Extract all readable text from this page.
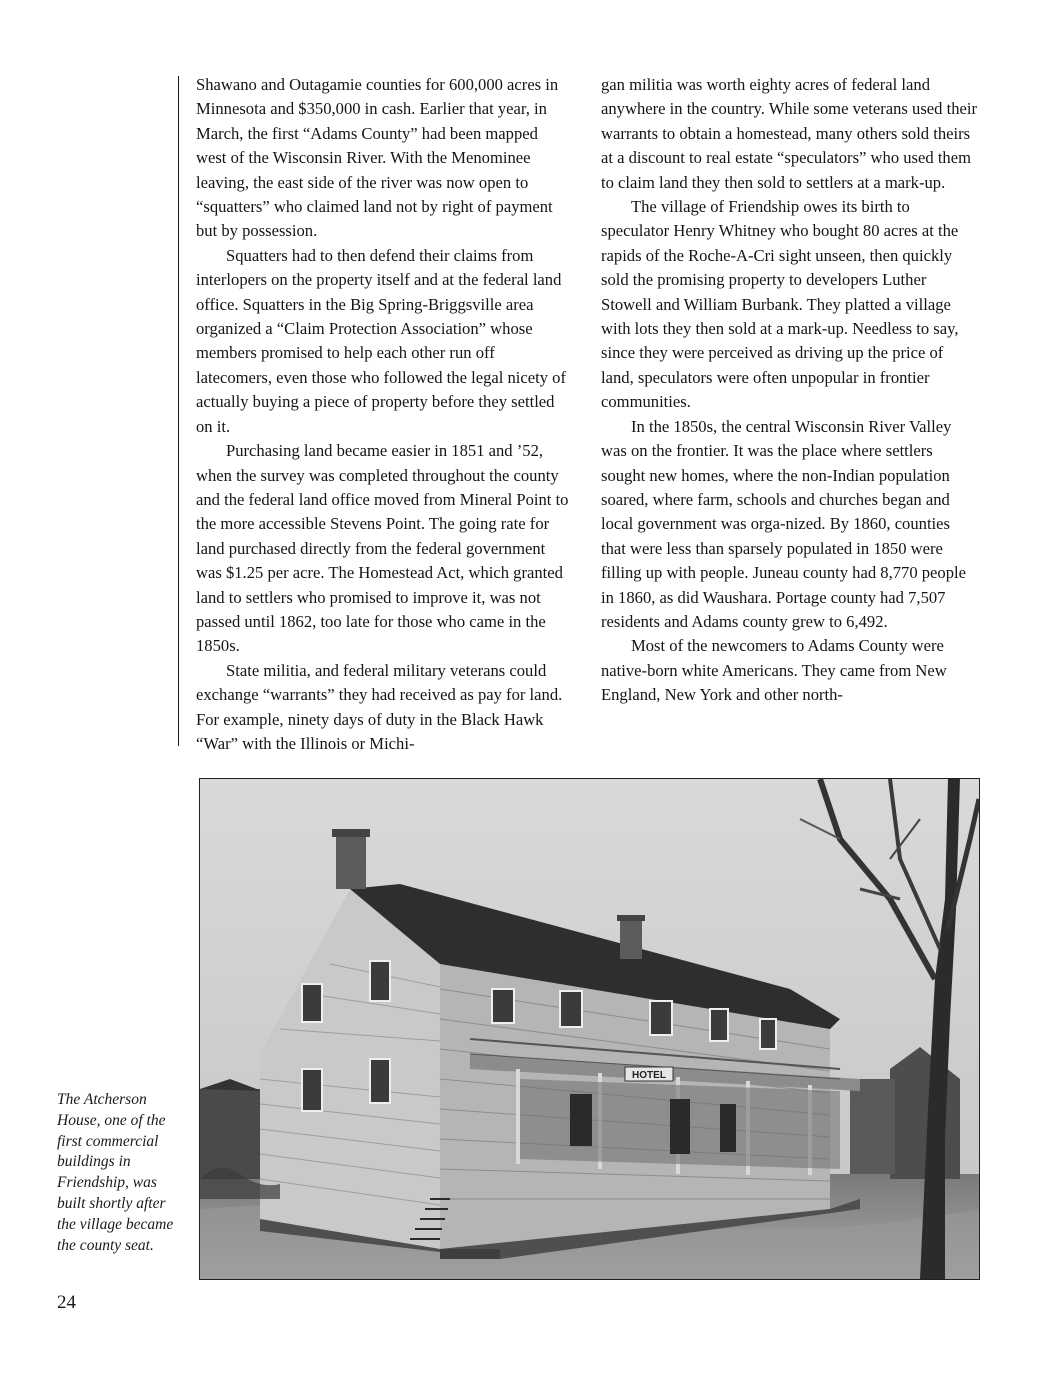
Shawano and Outagamie counties for 600,000 acres in Minnesota and $350,000 in cash. Earlier that year, in March, the first “Adams County” had been mapped west of the Wisconsin River. With the Menominee leaving, the east side of the river was now open to “squatters” who claimed land not by right of payment but by possession.

Squatters had to then defend their claims from interlopers on the property itself and at the federal land office. Squatters in the Big Spring-Briggsville area organized a “Claim Protection Association” whose members promised to help each other run off latecomers, even those who followed the legal nicety of actually buying a piece of property before they settled on it.

Purchasing land became easier in 1851 and ’52, when the survey was completed throughout the county and the federal land office moved from Mineral Point to the more accessible Stevens Point. The going rate for land purchased directly from the federal government was $1.25 per acre. The Homestead Act, which granted land to settlers who promised to improve it, was not passed until 1862, too late for those who came in the 1850s.

State militia, and federal military veterans could exchange “warrants” they had received as pay for land. For example, ninety days of duty in the Black Hawk “War” with the Illinois or Michi-

gan militia was worth eighty acres of federal land anywhere in the country. While some veterans used their warrants to obtain a homestead, many others sold theirs at a discount to real estate “speculators” who used them to claim land they then sold to settlers at a mark-up.

The village of Friendship owes its birth to speculator Henry Whitney who bought 80 acres at the rapids of the Roche-A-Cri sight unseen, then quickly sold the promising property to developers Luther Stowell and William Burbank. They platted a village with lots they then sold at a mark-up. Needless to say, since they were perceived as driving up the price of land, speculators were often unpopular in frontier communities.

In the 1850s, the central Wisconsin River Valley was on the frontier. It was the place where settlers sought new homes, where the non-Indian population soared, where farm, schools and churches began and local government was orga-nized. By 1860, counties that were less than sparsely populated in 1850 were filling up with people. Juneau county had 8,770 people in 1860, as did Waushara. Portage county had 7,507 residents and Adams county grew to 6,492.

Most of the newcomers to Adams County were native-born white Americans. They came from New England, New York and other north-

HOTEL
The Atcherson House, one of the first commercial buildings in Friendship, was built shortly after the village became the county seat.
24
